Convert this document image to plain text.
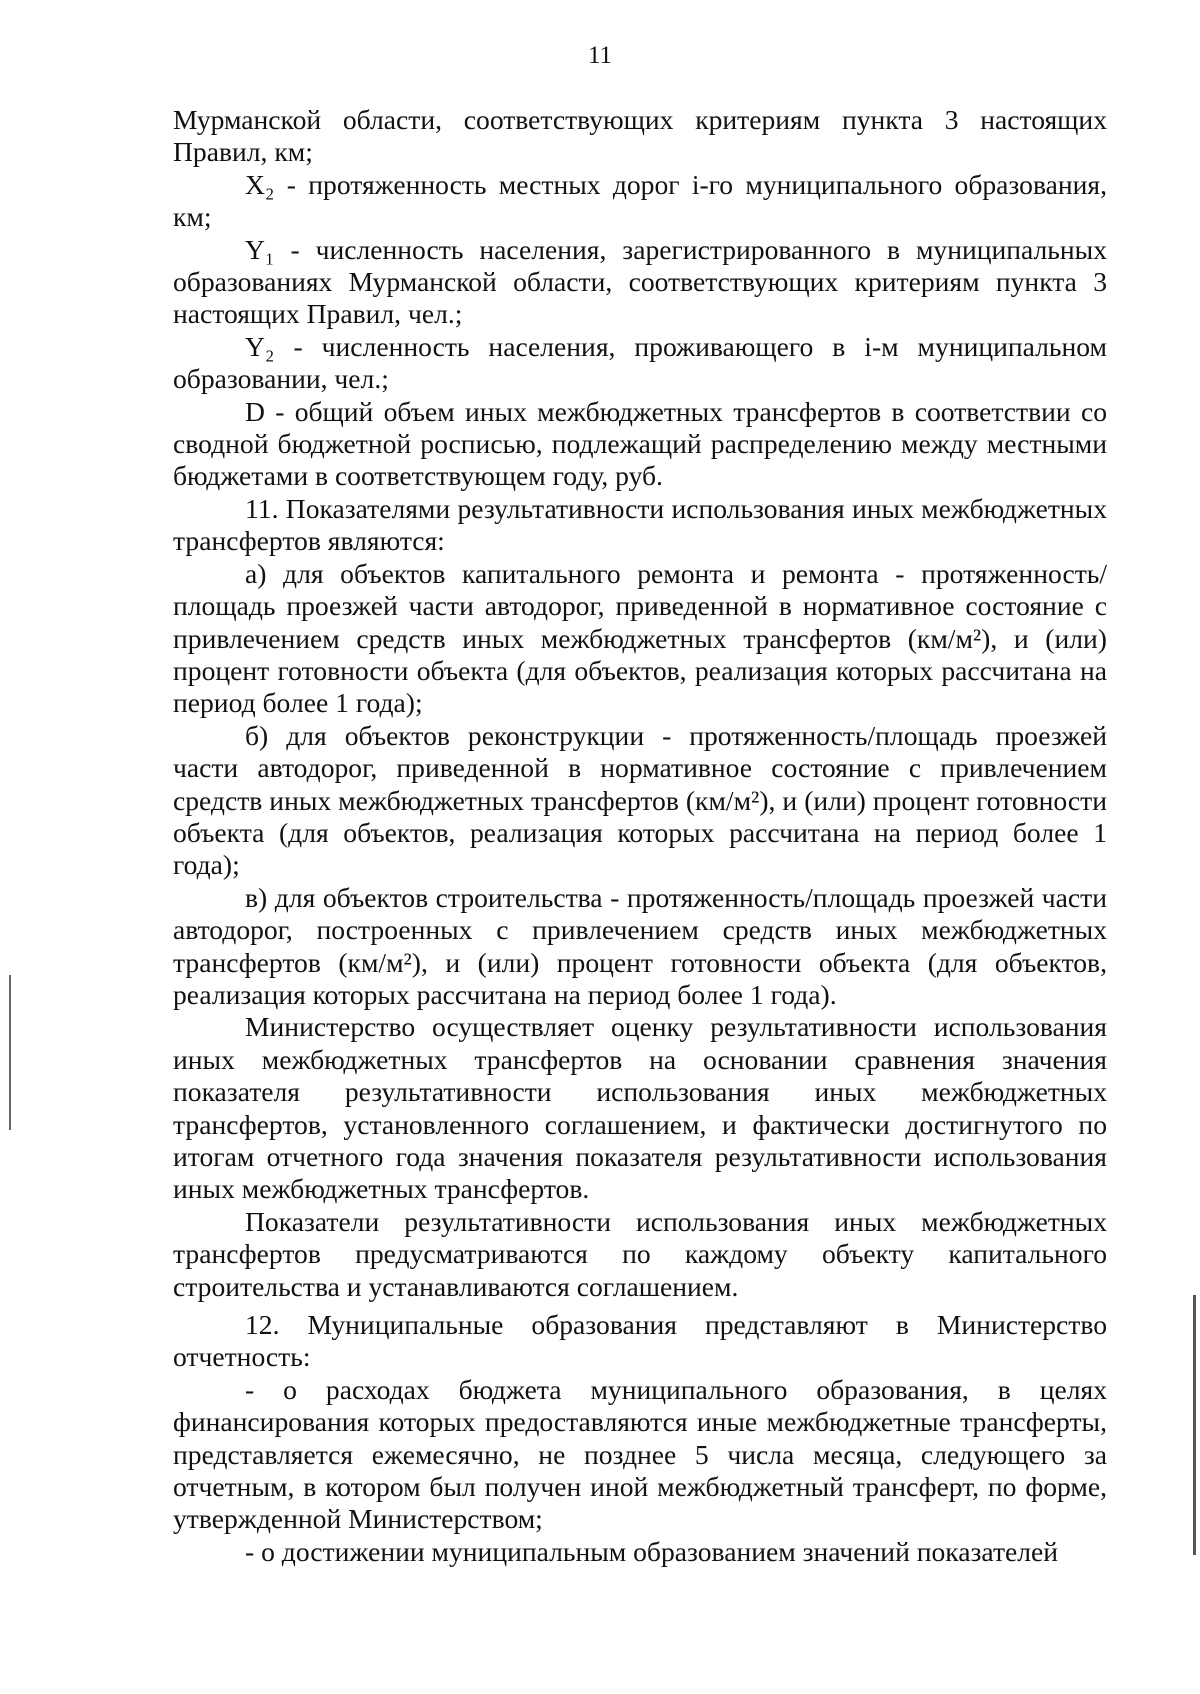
11

Мурманской области, соответствующих критериям пункта 3 настоящих Правил, км;

X₂ - протяженность местных дорог i-го муниципального образования, км;

Y₁ - численность населения, зарегистрированного в муниципальных образованиях Мурманской области, соответствующих критериям пункта 3 настоящих Правил, чел.;

Y₂ - численность населения, проживающего в i-м муниципальном образовании, чел.;

D - общий объем иных межбюджетных трансфертов в соответствии со сводной бюджетной росписью, подлежащий распределению между местными бюджетами в соответствующем году, руб.

11. Показателями результативности использования иных межбюджетных трансфертов являются:

а) для объектов капитального ремонта и ремонта - протяженность/площадь проезжей части автодорог, приведенной в нормативное состояние с привлечением средств иных межбюджетных трансфертов (км/м²), и (или) процент готовности объекта (для объектов, реализация которых рассчитана на период более 1 года);

б) для объектов реконструкции - протяженность/площадь проезжей части автодорог, приведенной в нормативное состояние с привлечением средств иных межбюджетных трансфертов (км/м²), и (или) процент готовности объекта (для объектов, реализация которых рассчитана на период более 1 года);

в) для объектов строительства - протяженность/площадь проезжей части автодорог, построенных с привлечением средств иных межбюджетных трансфертов (км/м²), и (или) процент готовности объекта (для объектов, реализация которых рассчитана на период более 1 года).

Министерство осуществляет оценку результативности использования иных межбюджетных трансфертов на основании сравнения значения показателя результативности использования иных межбюджетных трансфертов, установленного соглашением, и фактически достигнутого по итогам отчетного года значения показателя результативности использования иных межбюджетных трансфертов.

Показатели результативности использования иных межбюджетных трансфертов предусматриваются по каждому объекту капитального строительства и устанавливаются соглашением.

12. Муниципальные образования представляют в Министерство отчетность:

- о расходах бюджета муниципального образования, в целях финансирования которых предоставляются иные межбюджетные трансферты, представляется ежемесячно, не позднее 5 числа месяца, следующего за отчетным, в котором был получен иной межбюджетный трансферт, по форме, утвержденной Министерством;

- о достижении муниципальным образованием значений показателей
